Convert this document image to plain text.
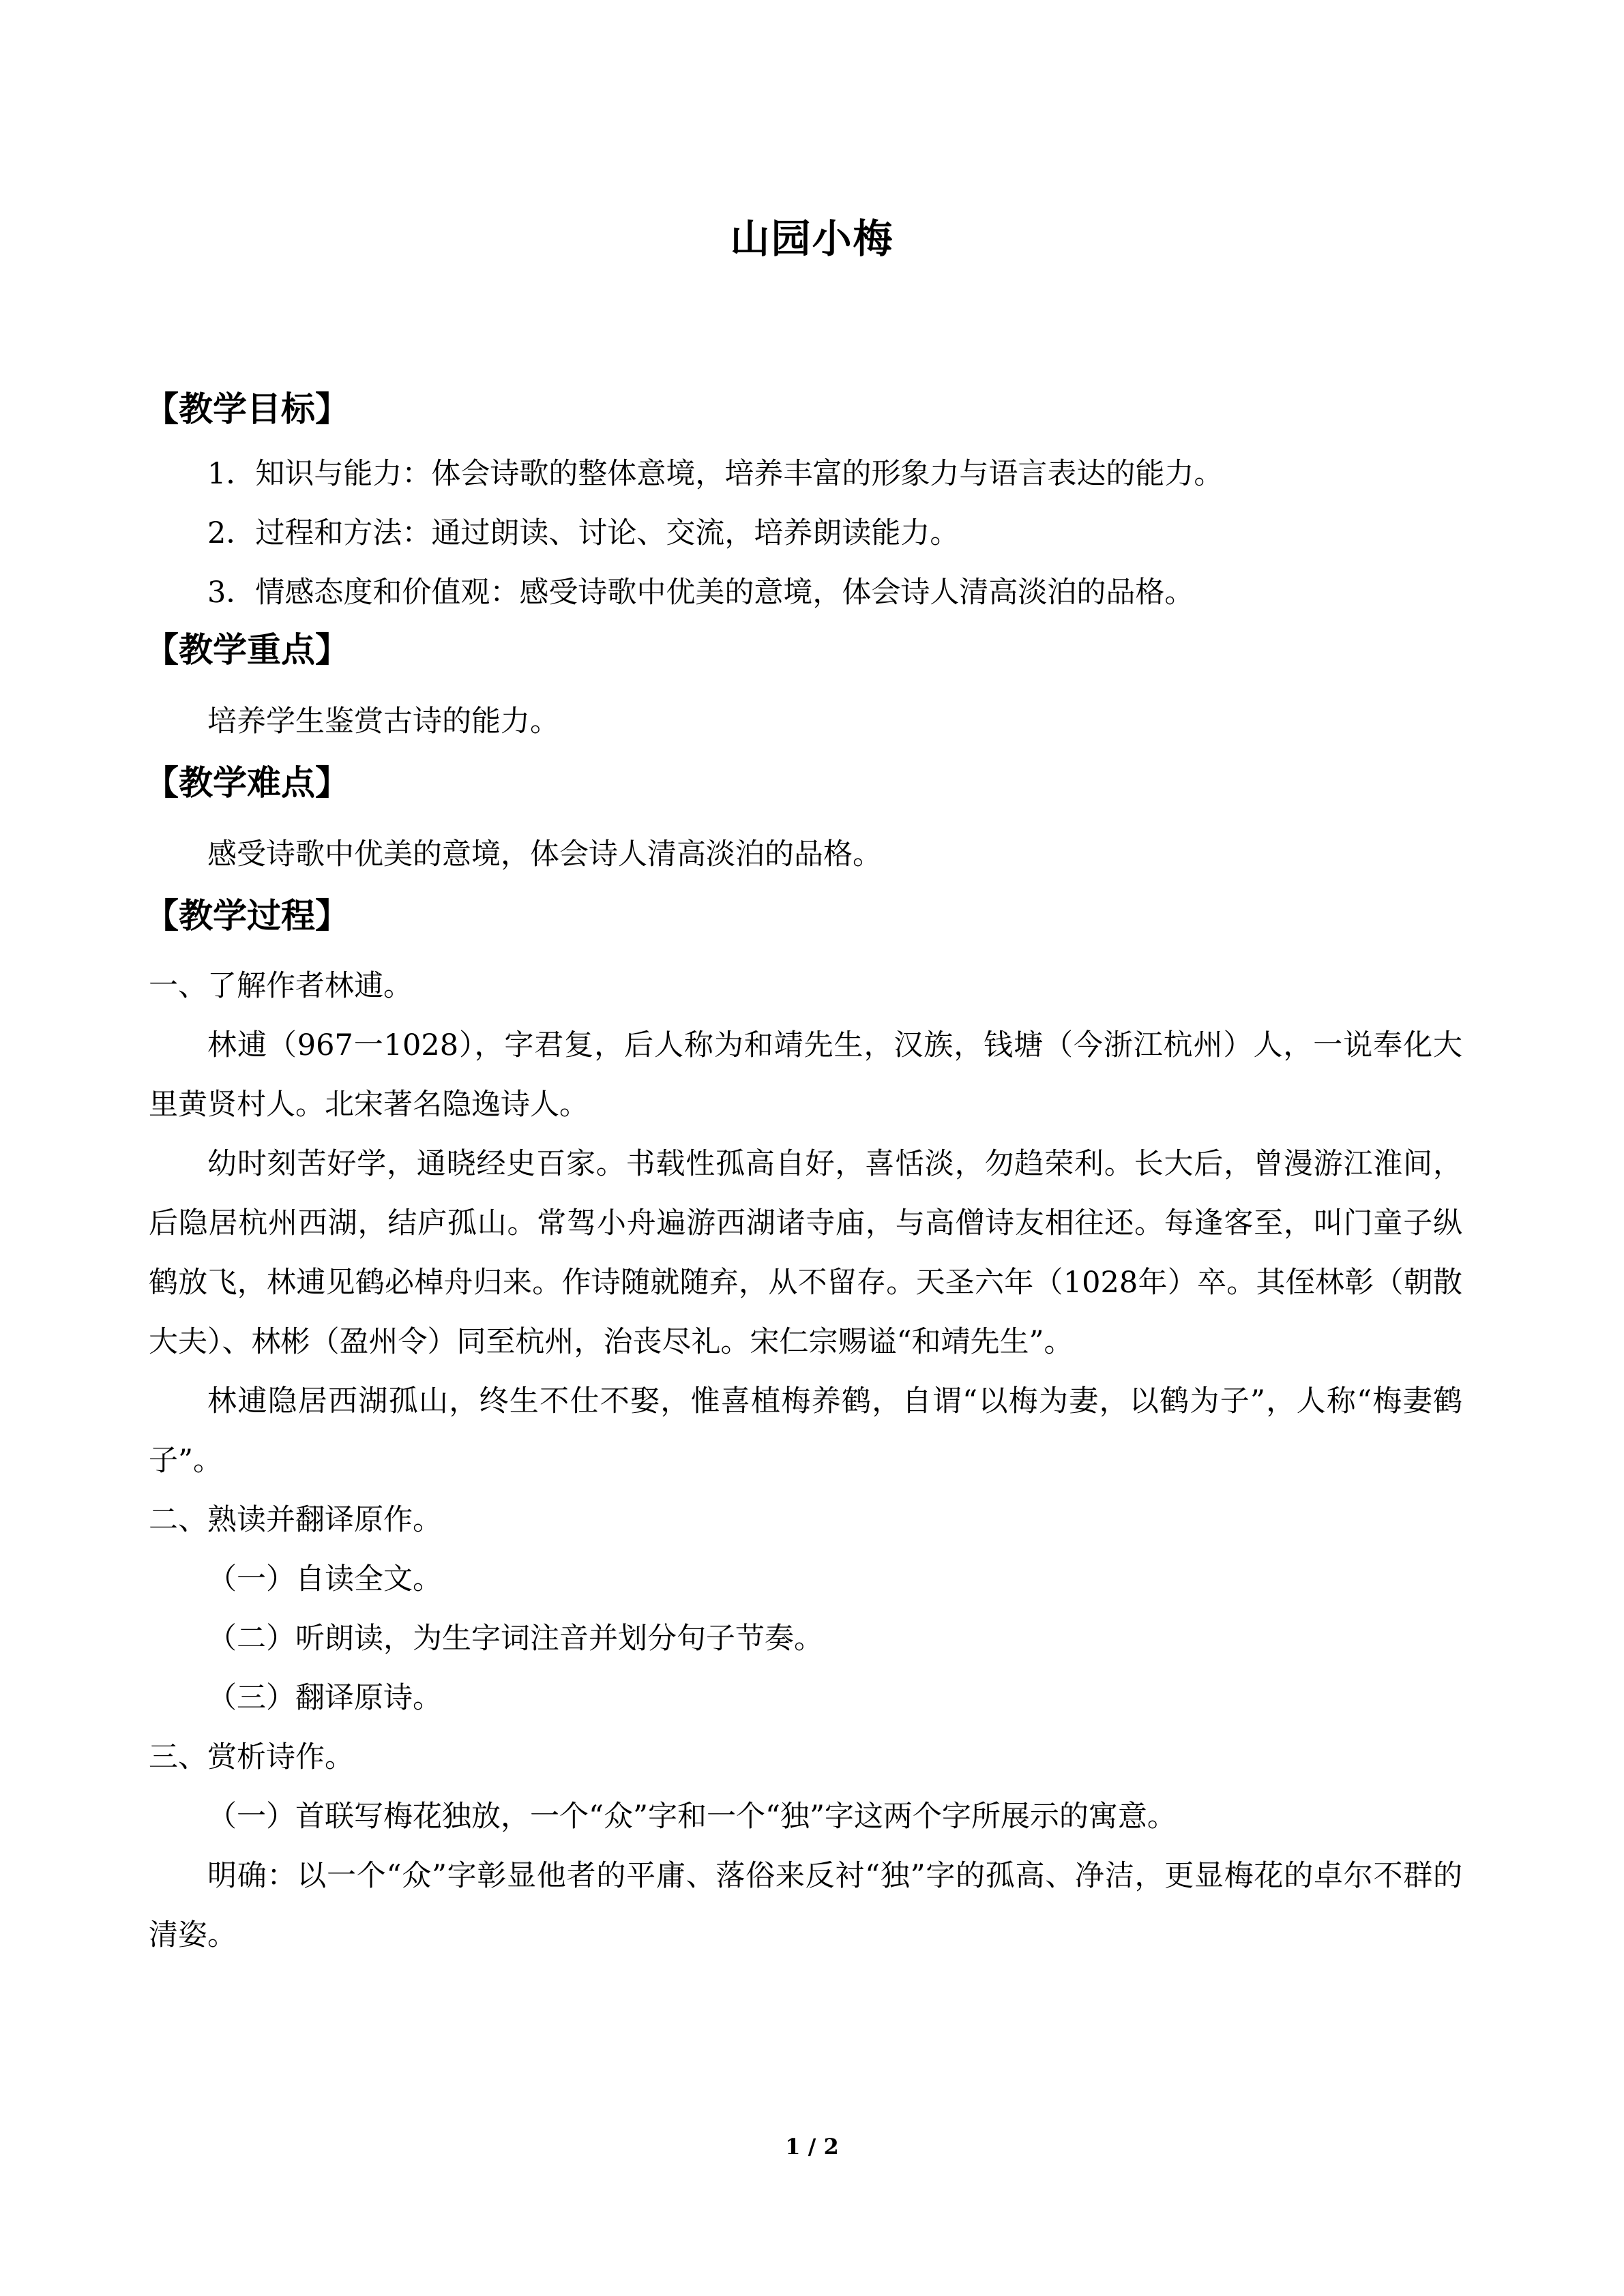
山园小梅
【教学目标】

1．知识与能力：体会诗歌的整体意境，培养丰富的形象力与语言表达的能力。

2．过程和方法：通过朗读、讨论、交流，培养朗读能力。

3．情感态度和价值观：感受诗歌中优美的意境，体会诗人清高淡泊的品格。

【教学重点】

培养学生鉴赏古诗的能力。

【教学难点】

感受诗歌中优美的意境，体会诗人清高淡泊的品格。

【教学过程】

一、了解作者林逋。

林逋（967一1028），字君复，后人称为和靖先生，汉族，钱塘（今浙江杭州）人，一说奉化大里黄贤村人。北宋著名隐逸诗人。

幼时刻苦好学，通晓经史百家。书载性孤高自好，喜恬淡，勿趋荣利。长大后，曾漫游江淮间，后隐居杭州西湖，结庐孤山。常驾小舟遍游西湖诸寺庙，与高僧诗友相往还。每逢客至，叫门童子纵鹤放飞，林逋见鹤必棹舟归来。作诗随就随弃，从不留存。天圣六年（1028年）卒。其侄林彰（朝散大夫）、林彬（盈州令）同至杭州，治丧尽礼。宋仁宗赐谥“和靖先生”。

林逋隐居西湖孤山，终生不仕不娶，惟喜植梅养鹤，自谓“以梅为妻，以鹤为子”，人称“梅妻鹤子”。

二、熟读并翻译原作。

（一）自读全文。

（二）听朗读，为生字词注音并划分句子节奏。

（三）翻译原诗。

三、赏析诗作。

（一）首联写梅花独放，一个“众”字和一个“独”字这两个字所展示的寓意。

明确：以一个“众”字彰显他者的平庸、落俗来反衬“独”字的孤高、净洁，更显梅花的卓尔不群的清姿。

1 / 2
